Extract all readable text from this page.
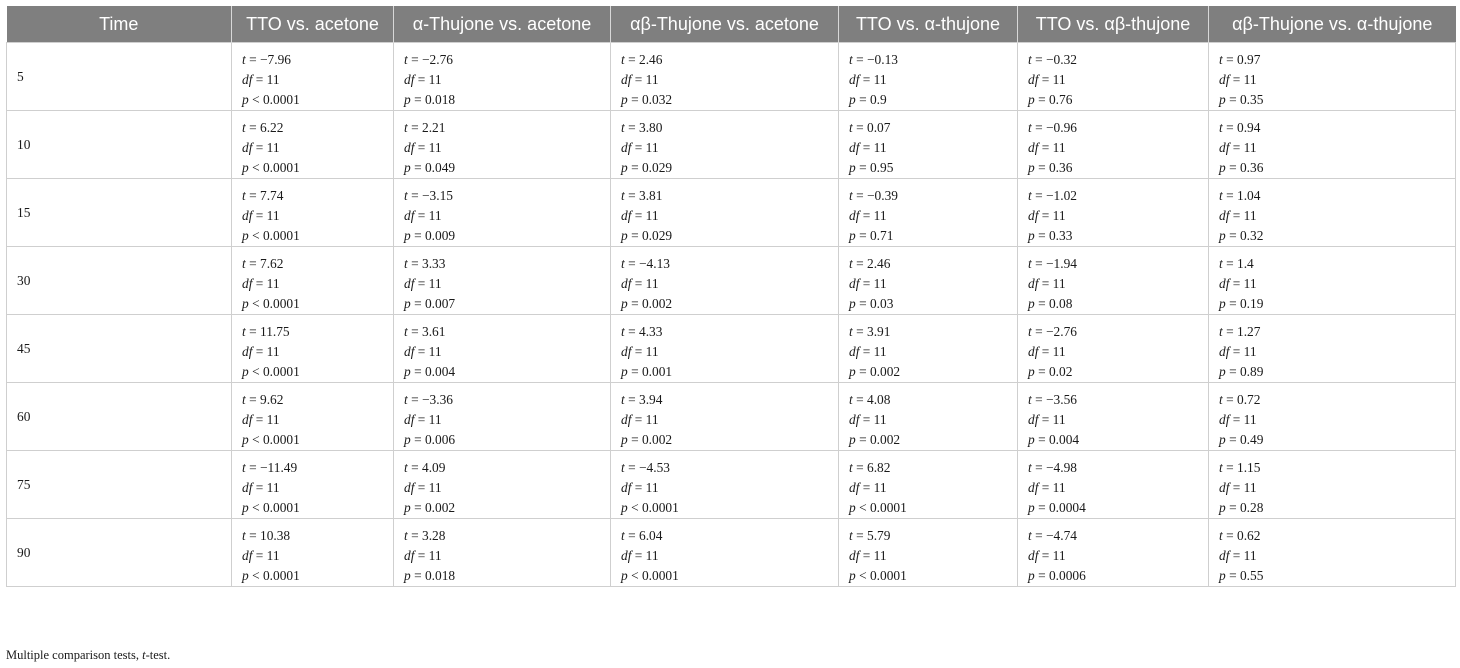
Time	TTO vs. acetone	α-Thujone vs. acetone	αβ-Thujone vs. acetone	TTO vs. α-thujone	TTO vs. αβ-thujone	αβ-Thujone vs. α-thujone
5	t = −7.96
df = 11
p < 0.0001	t = −2.76
df = 11
p = 0.018	t = 2.46
df = 11
p = 0.032	t = −0.13
df = 11
p = 0.9	t = −0.32
df = 11
p = 0.76	t = 0.97
df = 11
p = 0.35

10	t = 6.22
df = 11
p < 0.0001	t = 2.21
df = 11
p = 0.049	t = 3.80
df = 11
p = 0.029	t = 0.07
df = 11
p = 0.95	t = −0.96
df = 11
p = 0.36	t = 0.94
df = 11
p = 0.36

15	t = 7.74
df = 11
p < 0.0001	t = −3.15
df = 11
p = 0.009	t = 3.81
df = 11
p = 0.029	t = −0.39
df = 11
p = 0.71	t = −1.02
df = 11
p = 0.33	t = 1.04
df = 11
p = 0.32

30	t = 7.62
df = 11
p < 0.0001	t = 3.33
df = 11
p = 0.007	t = −4.13
df = 11
p = 0.002	t = 2.46
df = 11
p = 0.03	t = −1.94
df = 11
p = 0.08	t = 1.4
df = 11
p = 0.19

45	t = 11.75
df = 11
p < 0.0001	t = 3.61
df = 11
p = 0.004	t = 4.33
df = 11
p = 0.001	t = 3.91
df = 11
p = 0.002	t = −2.76
df = 11
p = 0.02	t = 1.27
df = 11
p = 0.89

60	t = 9.62
df = 11
p < 0.0001	t = −3.36
df = 11
p = 0.006	t = 3.94
df = 11
p = 0.002	t = 4.08
df = 11
p = 0.002	t = −3.56
df = 11
p = 0.004	t = 0.72
df = 11
p = 0.49

75	t = −11.49
df = 11
p < 0.0001	t = 4.09
df = 11
p = 0.002	t = −4.53
df = 11
p < 0.0001	t = 6.82
df = 11
p < 0.0001	t = −4.98
df = 11
p = 0.0004	t = 1.15
df = 11
p = 0.28

90	t = 10.38
df = 11
p < 0.0001	t = 3.28
df = 11
p = 0.018	t = 6.04
df = 11
p < 0.0001	t = 5.79
df = 11
p < 0.0001	t = −4.74
df = 11
p = 0.0006	t = 0.62
df = 11
p = 0.55
Multiple comparison tests, t-test.
